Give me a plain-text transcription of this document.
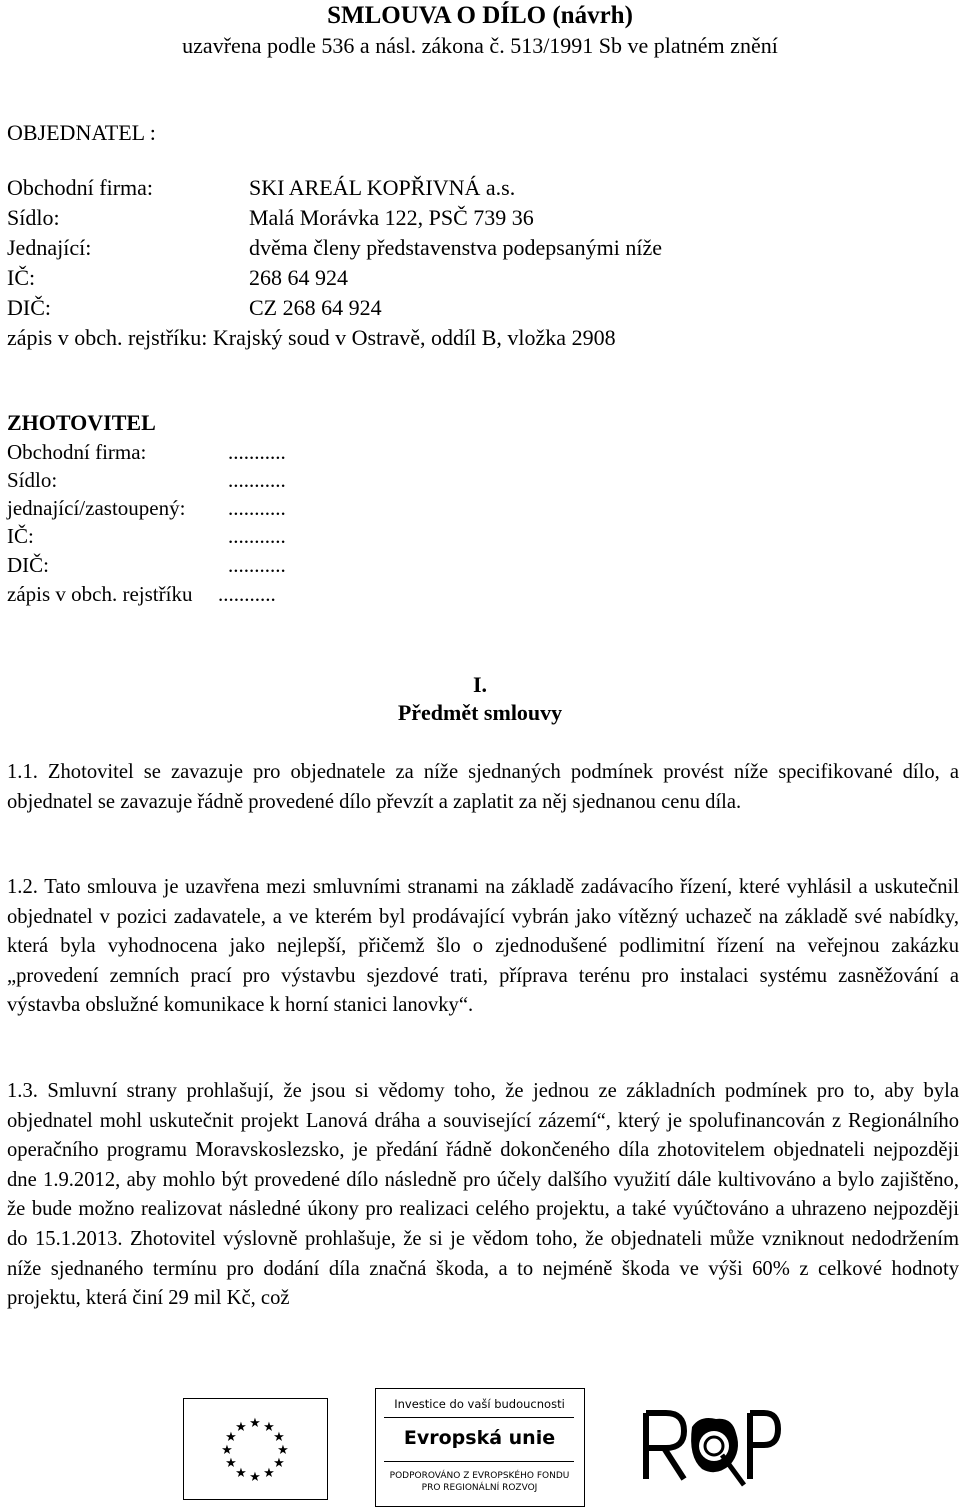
SMLOUVA O DÍLO (návrh)
uzavřena podle 536 a násl. zákona č. 513/1991 Sb ve platném znění
OBJEDNATEL :
Obchodní firma:	SKI AREÁL KOPŘIVNÁ a.s.
Sídlo:	Malá Morávka 122, PSČ 739 36
Jednající:	dvěma členy představenstva podepsanými níže
IČ:	268 64 924
DIČ:	CZ 268 64 924
zápis v obch. rejstříku: Krajský soud v Ostravě, oddíl B, vložka 2908
ZHOTOVITEL
Obchodní firma:	...........
Sídlo:	...........
jednající/zastoupený: ...........
IČ:	...........
DIČ:	...........
zápis v obch. rejstříku ...........
I.
Předmět smlouvy

1.1. Zhotovitel se zavazuje pro objednatele za níže sjednaných podmínek provést níže specifikované dílo, a objednatel se zavazuje řádně provedené dílo převzít a zaplatit za něj sjednanou cenu díla.

1.2. Tato smlouva je uzavřena mezi smluvními stranami na základě zadávacího řízení, které vyhlásil a uskutečnil objednatel v pozici zadavatele, a ve kterém byl prodávající vybrán jako vítězný uchazeč na základě své nabídky, která byla vyhodnocena jako nejlepší, přičemž šlo o zjednodušené podlimitní řízení na veřejnou zakázku „provedení zemních prací pro výstavbu sjezdové trati, příprava terénu pro instalaci systému zasněžování a výstavba obslužné komunikace k horní stanici lanovky“.

1.3. Smluvní strany prohlašují, že jsou si vědomy toho, že jednou ze základních podmínek pro to, aby byla objednatel mohl uskutečnit projekt Lanová dráha a související zázemí“, který je spolufinancován z Regionálního operačního programu Moravskoslezsko, je předání řádně dokončeného díla zhotovitelem objednateli nejpozději dne 1.9.2012, aby mohlo být provedené dílo následně pro účely dalšího využití dále kultivováno a bylo zajištěno, že bude možno realizovat následné úkony pro realizaci celého projektu, a také vyúčtováno a uhrazeno nejpozději do 15.1.2013. Zhotovitel výslovně prohlašuje, že si je vědom toho, že objednateli může vzniknout nedodržením níže sjednaného termínu pro dodání díla značná škoda, a to nejméně škoda ve výši 60% z celkové hodnoty projektu, která činí 29 mil Kč, což

★ ★
★
★
★
★
★
★
★
★
★
★
Investice do vaší budoucnosti
Evropská unie
PODPOROVÁNO Z EVROPSKÉHO FONDU
PRO REGIONÁLNÍ ROZVOJ
